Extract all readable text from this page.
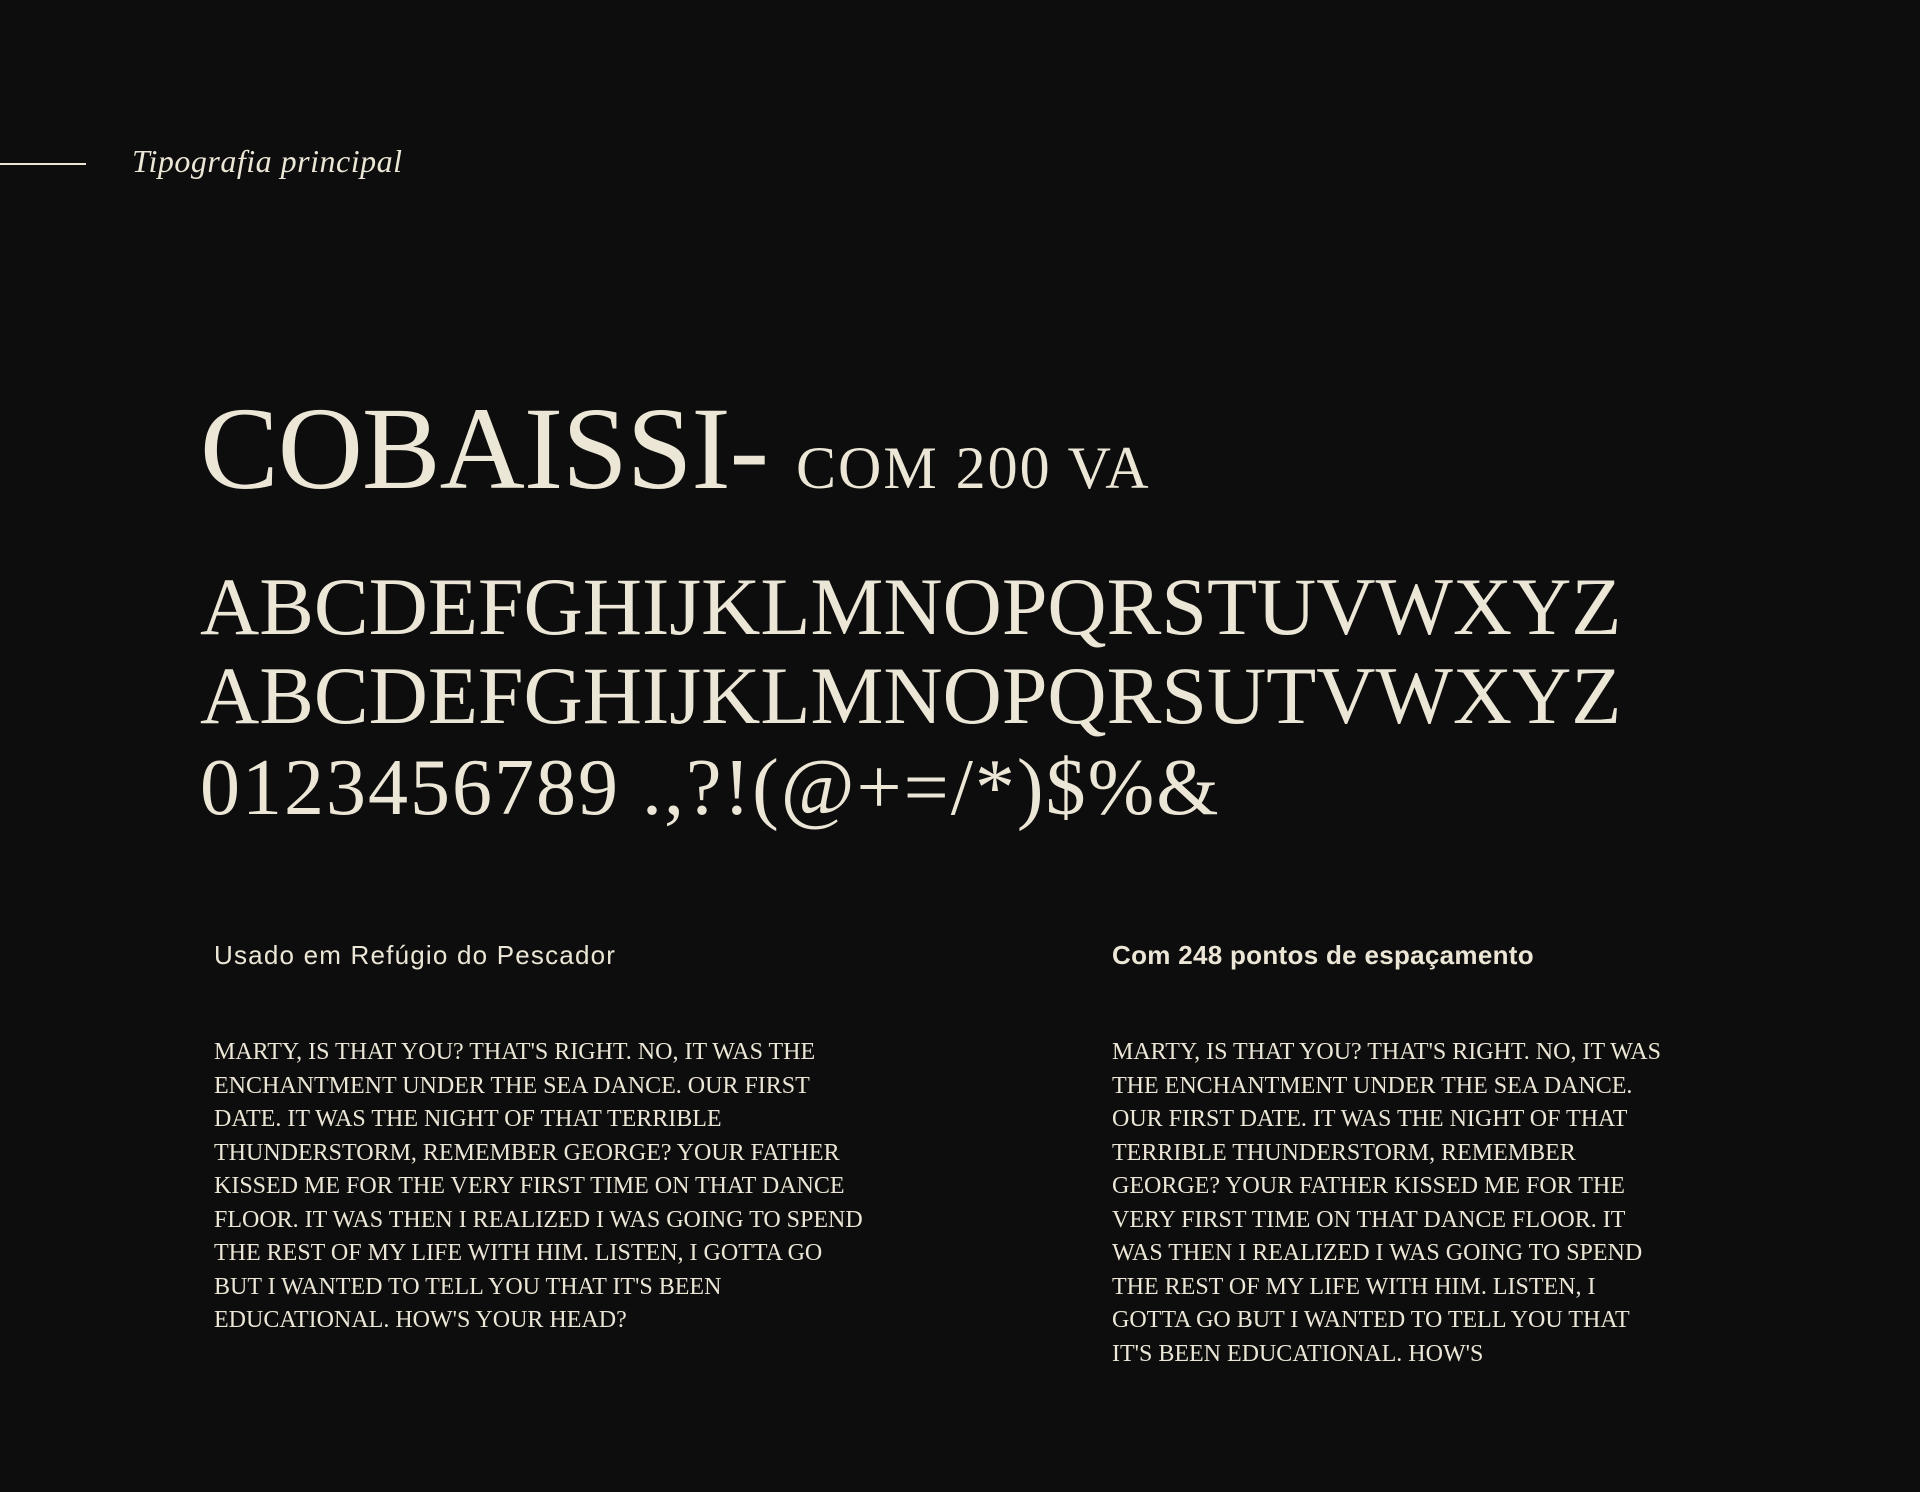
Tipografia principal
COBAISSI- COM 200 VA
ABCDEFGHIJKLMNOPQRSTUVWXYZ
ABCDEFGHIJKLMNOPQRSUTVWXYZ
0123456789 .,?!(@+=/*)$%&
Usado em Refúgio do Pescador	Com 248 pontos de espaçamento
MARTY, IS THAT YOU? THAT'S RIGHT. NO, IT WAS THE ENCHANTMENT UNDER THE SEA DANCE. OUR FIRST DATE. IT WAS THE NIGHT OF THAT TERRIBLE THUNDERSTORM, REMEMBER GEORGE? YOUR FATHER KISSED ME FOR THE VERY FIRST TIME ON THAT DANCE FLOOR. IT WAS THEN I REALIZED I WAS GOING TO SPEND THE REST OF MY LIFE WITH HIM. LISTEN, I GOTTA GO BUT I WANTED TO TELL YOU THAT IT'S BEEN EDUCATIONAL. HOW'S YOUR HEAD?
MARTY, IS THAT YOU? THAT'S RIGHT. NO, IT WAS THE ENCHANTMENT UNDER THE SEA DANCE. OUR FIRST DATE. IT WAS THE NIGHT OF THAT TERRIBLE THUNDERSTORM, REMEMBER GEORGE? YOUR FATHER KISSED ME FOR THE VERY FIRST TIME ON THAT DANCE FLOOR. IT WAS THEN I REALIZED I WAS GOING TO SPEND THE REST OF MY LIFE WITH HIM. LISTEN, I GOTTA GO BUT I WANTED TO TELL YOU THAT IT'S BEEN EDUCATIONAL. HOW'S
